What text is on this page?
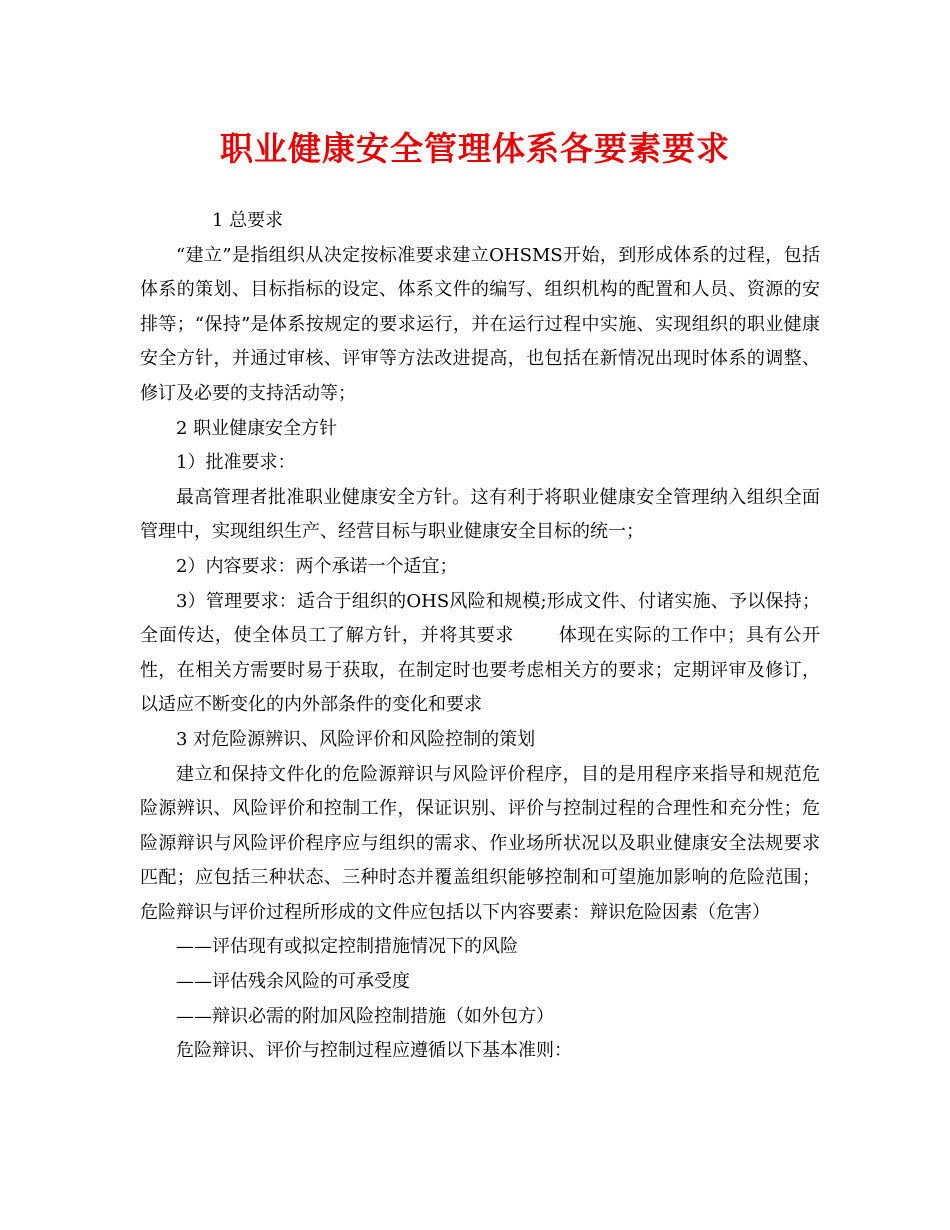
职业健康安全管理体系各要素要求

1 总要求

“建立”是指组织从决定按标准要求建立OHSMS开始，到形成体系的过程，包括体系的策划、目标指标的设定、体系文件的编写、组织机构的配置和人员、资源的安排等；“保持”是体系按规定的要求运行，并在运行过程中实施、实现组织的职业健康安全方针，并通过审核、评审等方法改进提高，也包括在新情况出现时体系的调整、修订及必要的支持活动等；

2 职业健康安全方针

1）批准要求：

最高管理者批准职业健康安全方针。这有利于将职业健康安全管理纳入组织全面管理中，实现组织生产、经营目标与职业健康安全目标的统一；

2）内容要求：两个承诺一个适宜；

3）管理要求：适合于组织的OHS风险和规模;形成文件、付诸实施、予以保持；全面传达，使全体员工了解方针，并将其要求 体现在实际的工作中；具有公开性，在相关方需要时易于获取，在制定时也要考虑相关方的要求；定期评审及修订，以适应不断变化的内外部条件的变化和要求

3 对危险源辨识、风险评价和风险控制的策划

建立和保持文件化的危险源辩识与风险评价程序，目的是用程序来指导和规范危险源辨识、风险评价和控制工作，保证识别、评价与控制过程的合理性和充分性；危险源辩识与风险评价程序应与组织的需求、作业场所状况以及职业健康安全法规要求匹配；应包括三种状态、三种时态并覆盖组织能够控制和可望施加影响的危险范围；危险辩识与评价过程所形成的文件应包括以下内容要素：辩识危险因素（危害）

——评估现有或拟定控制措施情况下的风险

——评估残余风险的可承受度

——辩识必需的附加风险控制措施（如外包方）

危险辩识、评价与控制过程应遵循以下基本准则：
